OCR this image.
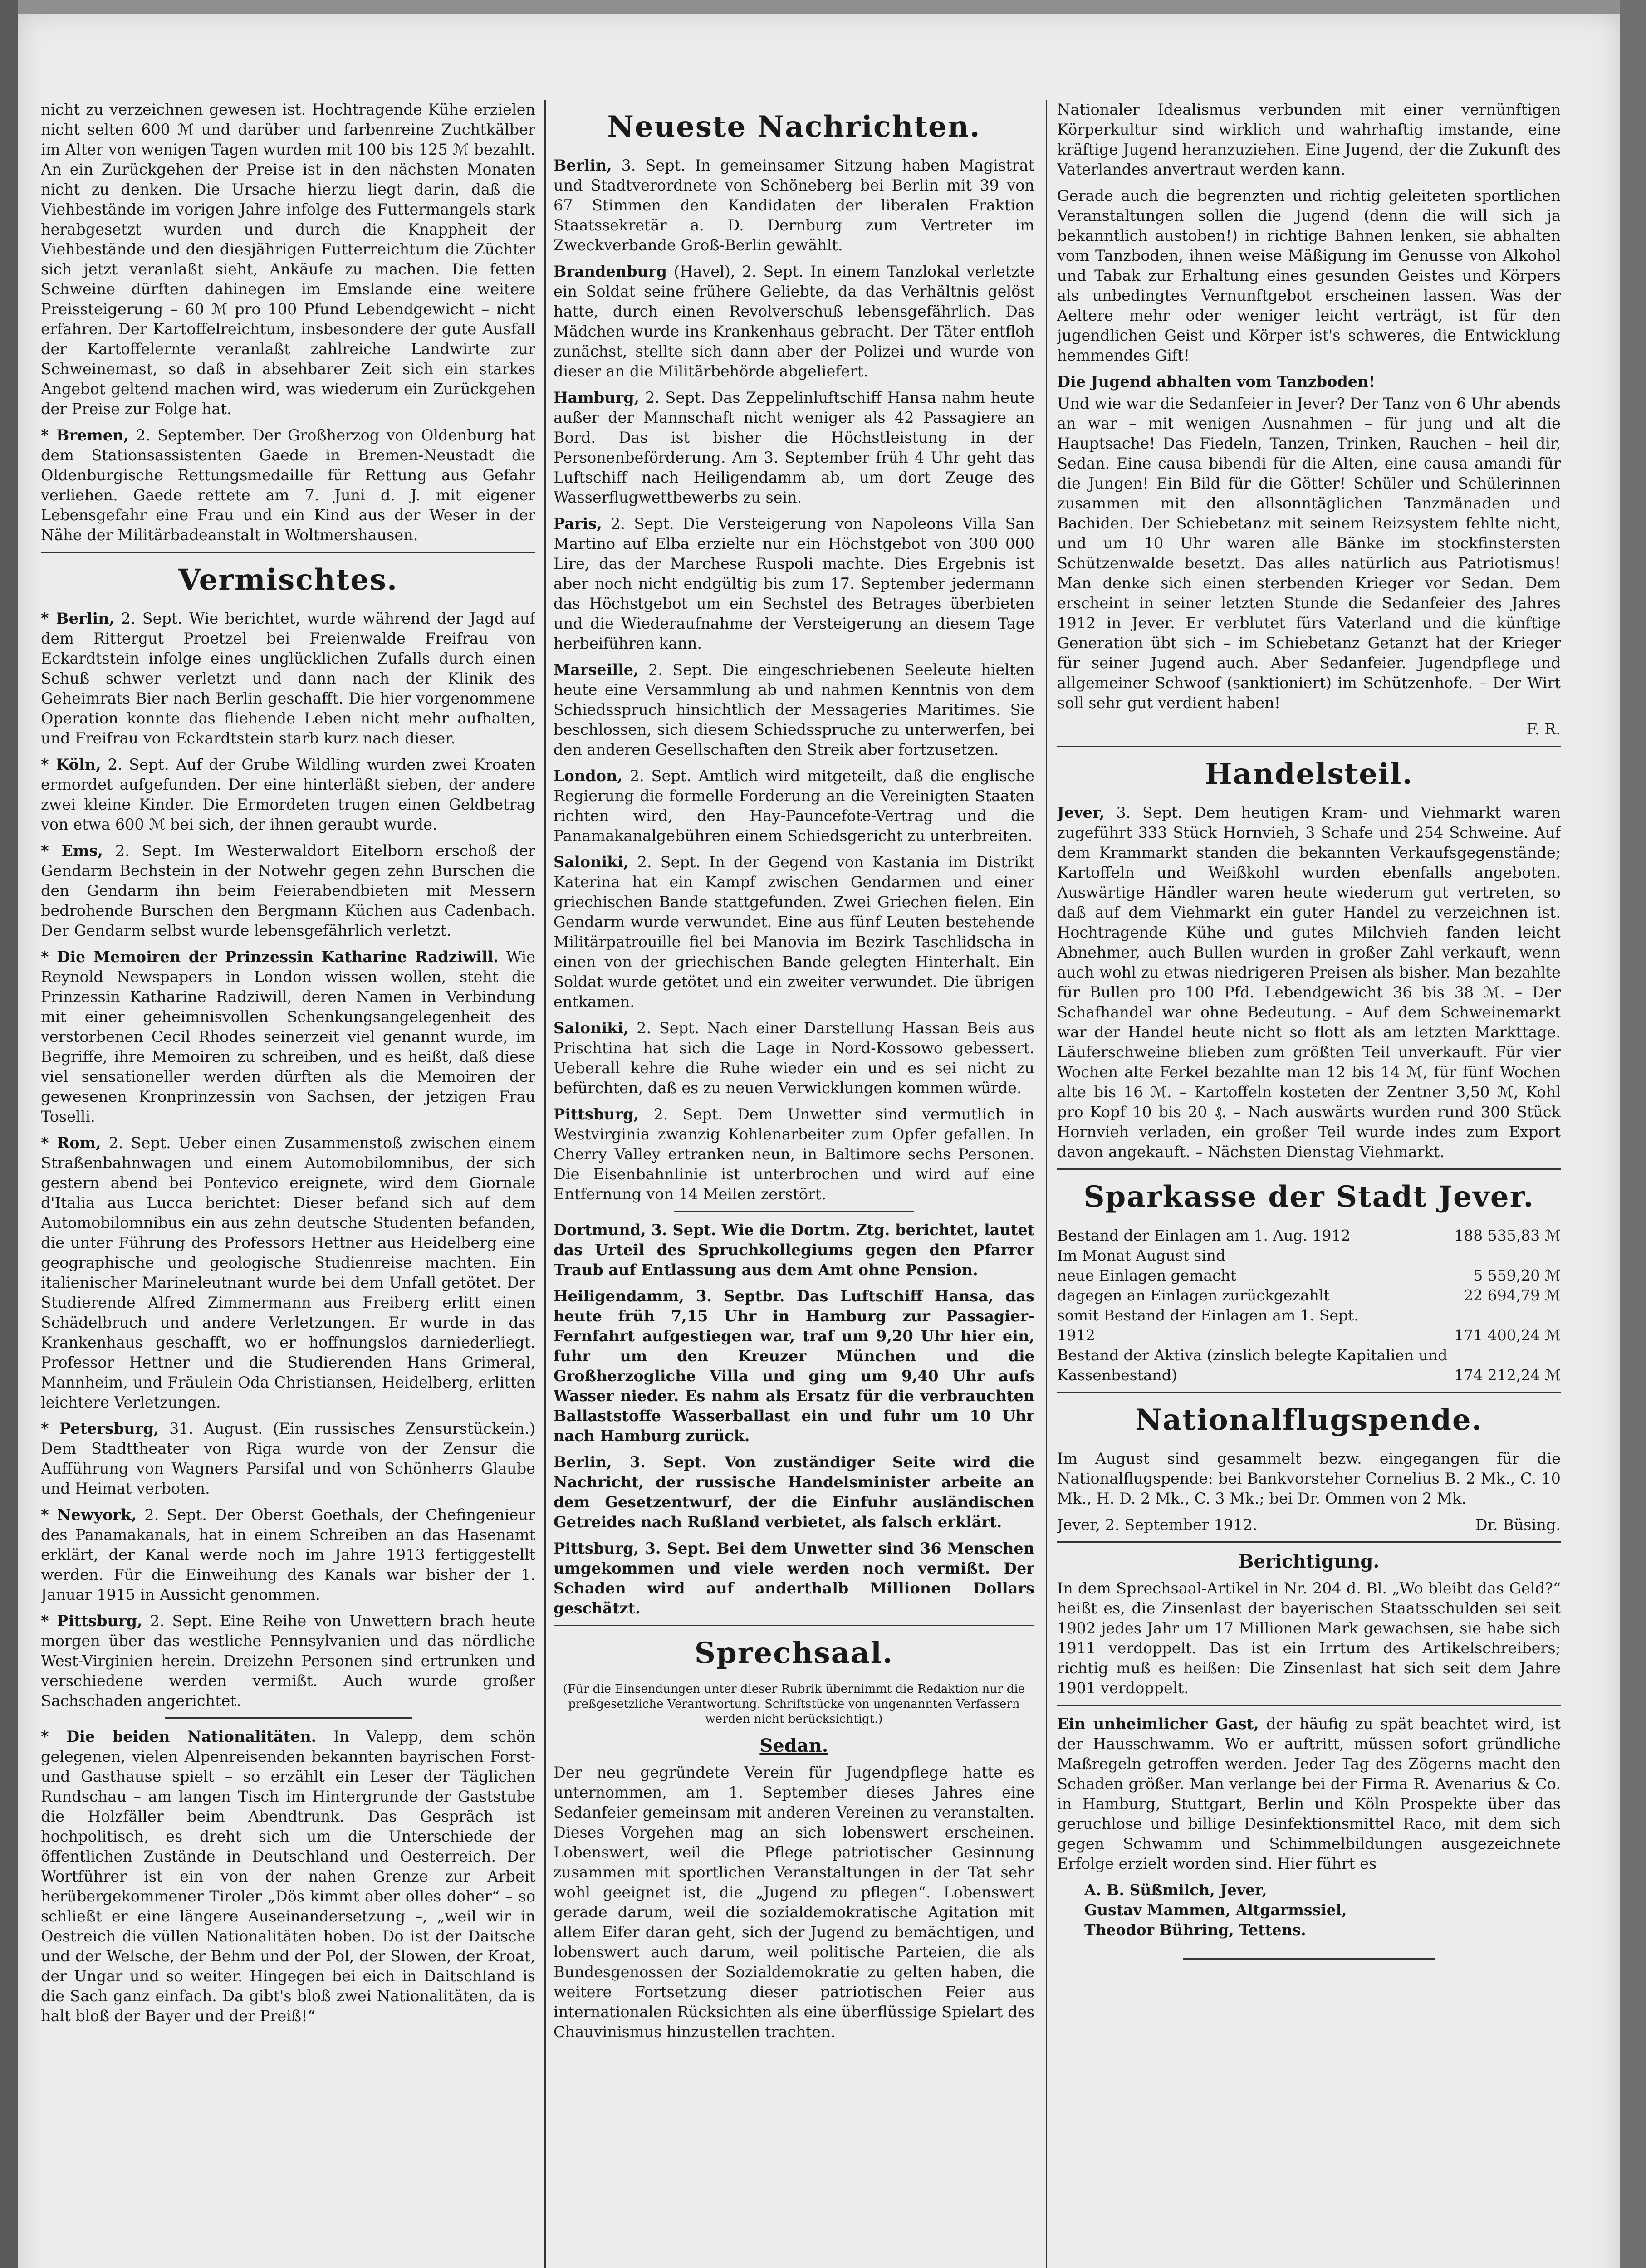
nicht zu verzeichnen gewesen ist. Hochtragende Kühe erzielen nicht selten 600 ℳ und darüber und farbenreine Zuchtkälber im Alter von wenigen Tagen wurden mit 100 bis 125 ℳ bezahlt. An ein Zurückgehen der Preise ist in den nächsten Monaten nicht zu denken. Die Ursache hierzu liegt darin, daß die Viehbestände im vorigen Jahre infolge des Futtermangels stark herabgesetzt wurden und durch die Knappheit der Viehbestände und den diesjährigen Futterreichtum die Züchter sich jetzt veranlaßt sieht, Ankäufe zu machen. Die fetten Schweine dürften dahinegen im Emslande eine weitere Preissteigerung – 60 ℳ pro 100 Pfund Lebendgewicht – nicht erfahren. Der Kartoffelreichtum, insbesondere der gute Ausfall der Kartoffelernte veranlaßt zahlreiche Landwirte zur Schweinemast, so daß in absehbarer Zeit sich ein starkes Angebot geltend machen wird, was wiederum ein Zurückgehen der Preise zur Folge hat.

* Bremen, 2. September. Der Großherzog von Oldenburg hat dem Stationsassistenten Gaede in Bremen-Neustadt die Oldenburgische Rettungsmedaille für Rettung aus Gefahr verliehen. Gaede rettete am 7. Juni d. J. mit eigener Lebensgefahr eine Frau und ein Kind aus der Weser in der Nähe der Militärbadeanstalt in Woltmershausen.

Vermischtes.

* Berlin, 2. Sept. Wie berichtet, wurde während der Jagd auf dem Rittergut Proetzel bei Freienwalde Freifrau von Eckardtstein infolge eines unglücklichen Zufalls durch einen Schuß schwer verletzt und dann nach der Klinik des Geheimrats Bier nach Berlin geschafft. Die hier vorgenommene Operation konnte das fliehende Leben nicht mehr aufhalten, und Freifrau von Eckardtstein starb kurz nach dieser.

* Köln, 2. Sept. Auf der Grube Wildling wurden zwei Kroaten ermordet aufgefunden. Der eine hinterläßt sieben, der andere zwei kleine Kinder. Die Ermordeten trugen einen Geldbetrag von etwa 600 ℳ bei sich, der ihnen geraubt wurde.

* Ems, 2. Sept. Im Westerwaldort Eitelborn erschoß der Gendarm Bechstein in der Notwehr gegen zehn Burschen die den Gendarm ihn beim Feierabendbieten mit Messern bedrohende Burschen den Bergmann Küchen aus Cadenbach. Der Gendarm selbst wurde lebensgefährlich verletzt.

* Die Memoiren der Prinzessin Katharine Radziwill. Wie Reynold Newspapers in London wissen wollen, steht die Prinzessin Katharine Radziwill, deren Namen in Verbindung mit einer geheimnisvollen Schenkungsangelegenheit des verstorbenen Cecil Rhodes seinerzeit viel genannt wurde, im Begriffe, ihre Memoiren zu schreiben, und es heißt, daß diese viel sensationeller werden dürften als die Memoiren der gewesenen Kronprinzessin von Sachsen, der jetzigen Frau Toselli.

* Rom, 2. Sept. Ueber einen Zusammenstoß zwischen einem Straßenbahnwagen und einem Automobilomnibus, der sich gestern abend bei Pontevico ereignete, wird dem Giornale d'Italia aus Lucca berichtet: Dieser befand sich auf dem Automobilomnibus ein aus zehn deutsche Studenten befanden, die unter Führung des Professors Hettner aus Heidelberg eine geographische und geologische Studienreise machten. Ein italienischer Marineleutnant wurde bei dem Unfall getötet. Der Studierende Alfred Zimmermann aus Freiberg erlitt einen Schädelbruch und andere Verletzungen. Er wurde in das Krankenhaus geschafft, wo er hoffnungslos darniederliegt. Professor Hettner und die Studierenden Hans Grimeral, Mannheim, und Fräulein Oda Christiansen, Heidelberg, erlitten leichtere Verletzungen.

* Petersburg, 31. August. (Ein russisches Zensurstückein.) Dem Stadttheater von Riga wurde von der Zensur die Aufführung von Wagners Parsifal und von Schönherrs Glaube und Heimat verboten.

* Newyork, 2. Sept. Der Oberst Goethals, der Chefingenieur des Panamakanals, hat in einem Schreiben an das Hasenamt erklärt, der Kanal werde noch im Jahre 1913 fertiggestellt werden. Für die Einweihung des Kanals war bisher der 1. Januar 1915 in Aussicht genommen.

* Pittsburg, 2. Sept. Eine Reihe von Unwettern brach heute morgen über das westliche Pennsylvanien und das nördliche West-Virginien herein. Dreizehn Personen sind ertrunken und verschiedene werden vermißt. Auch wurde großer Sachschaden angerichtet.

* Die beiden Nationalitäten. In Valepp, dem schön gelegenen, vielen Alpenreisenden bekannten bayrischen Forst- und Gasthause spielt – so erzählt ein Leser der Täglichen Rundschau – am langen Tisch im Hintergrunde der Gaststube die Holzfäller beim Abendtrunk. Das Gespräch ist hochpolitisch, es dreht sich um die Unterschiede der öffentlichen Zustände in Deutschland und Oesterreich. Der Wortführer ist ein von der nahen Grenze zur Arbeit herübergekommener Tiroler „Dös kimmt aber olles doher“ – so schließt er eine längere Auseinandersetzung –, „weil wir in Oestreich die vüllen Nationalitäten hoben. Do ist der Daitsche und der Welsche, der Behm und der Pol, der Slowen, der Kroat, der Ungar und so weiter. Hingegen bei eich in Daitschland is die Sach ganz einfach. Da gibt's bloß zwei Nationalitäten, da is halt bloß der Bayer und der Preiß!“

Neueste Nachrichten.

Berlin, 3. Sept. In gemeinsamer Sitzung haben Magistrat und Stadtverordnete von Schöneberg bei Berlin mit 39 von 67 Stimmen den Kandidaten der liberalen Fraktion Staatssekretär a. D. Dernburg zum Vertreter im Zweckverbande Groß-Berlin gewählt.

Brandenburg (Havel), 2. Sept. In einem Tanzlokal verletzte ein Soldat seine frühere Geliebte, da das Verhältnis gelöst hatte, durch einen Revolverschuß lebensgefährlich. Das Mädchen wurde ins Krankenhaus gebracht. Der Täter entfloh zunächst, stellte sich dann aber der Polizei und wurde von dieser an die Militärbehörde abgeliefert.

Hamburg, 2. Sept. Das Zeppelinluftschiff Hansa nahm heute außer der Mannschaft nicht weniger als 42 Passagiere an Bord. Das ist bisher die Höchstleistung in der Personenbeförderung. Am 3. September früh 4 Uhr geht das Luftschiff nach Heiligendamm ab, um dort Zeuge des Wasserflugwettbewerbs zu sein.

Paris, 2. Sept. Die Versteigerung von Napoleons Villa San Martino auf Elba erzielte nur ein Höchstgebot von 300 000 Lire, das der Marchese Ruspoli machte. Dies Ergebnis ist aber noch nicht endgültig bis zum 17. September jedermann das Höchstgebot um ein Sechstel des Betrages überbieten und die Wiederaufnahme der Versteigerung an diesem Tage herbeiführen kann.

Marseille, 2. Sept. Die eingeschriebenen Seeleute hielten heute eine Versammlung ab und nahmen Kenntnis von dem Schiedsspruch hinsichtlich der Messageries Maritimes. Sie beschlossen, sich diesem Schiedsspruche zu unterwerfen, bei den anderen Gesellschaften den Streik aber fortzusetzen.

London, 2. Sept. Amtlich wird mitgeteilt, daß die englische Regierung die formelle Forderung an die Vereinigten Staaten richten wird, den Hay-Pauncefote-Vertrag und die Panamakanalgebühren einem Schiedsgericht zu unterbreiten.

Saloniki, 2. Sept. In der Gegend von Kastania im Distrikt Katerina hat ein Kampf zwischen Gendarmen und einer griechischen Bande stattgefunden. Zwei Griechen fielen. Ein Gendarm wurde verwundet. Eine aus fünf Leuten bestehende Militärpatrouille fiel bei Manovia im Bezirk Taschlidscha in einen von der griechischen Bande gelegten Hinterhalt. Ein Soldat wurde getötet und ein zweiter verwundet. Die übrigen entkamen.

Saloniki, 2. Sept. Nach einer Darstellung Hassan Beis aus Prischtina hat sich die Lage in Nord-Kossowo gebessert. Ueberall kehre die Ruhe wieder ein und es sei nicht zu befürchten, daß es zu neuen Verwicklungen kommen würde.

Pittsburg, 2. Sept. Dem Unwetter sind vermutlich in Westvirginia zwanzig Kohlenarbeiter zum Opfer gefallen. In Cherry Valley ertranken neun, in Baltimore sechs Personen. Die Eisenbahnlinie ist unterbrochen und wird auf eine Entfernung von 14 Meilen zerstört.

Dortmund, 3. Sept. Wie die Dortm. Ztg. berichtet, lautet das Urteil des Spruchkollegiums gegen den Pfarrer Traub auf Entlassung aus dem Amt ohne Pension.

Heiligendamm, 3. Septbr. Das Luftschiff Hansa, das heute früh 7,15 Uhr in Hamburg zur Passagier-Fernfahrt aufgestiegen war, traf um 9,20 Uhr hier ein, fuhr um den Kreuzer München und die Großherzogliche Villa und ging um 9,40 Uhr aufs Wasser nieder. Es nahm als Ersatz für die verbrauchten Ballaststoffe Wasserballast ein und fuhr um 10 Uhr nach Hamburg zurück.

Berlin, 3. Sept. Von zuständiger Seite wird die Nachricht, der russische Handelsminister arbeite an dem Gesetzentwurf, der die Einfuhr ausländischen Getreides nach Rußland verbietet, als falsch erklärt.

Pittsburg, 3. Sept. Bei dem Unwetter sind 36 Menschen umgekommen und viele werden noch vermißt. Der Schaden wird auf anderthalb Millionen Dollars geschätzt.

Sprechsaal.
(Für die Einsendungen unter dieser Rubrik übernimmt die Redaktion nur die preßgesetzliche Verantwortung. Schriftstücke von ungenannten Verfassern werden nicht berücksichtigt.)
Sedan.

Der neu gegründete Verein für Jugendpflege hatte es unternommen, am 1. September dieses Jahres eine Sedanfeier gemeinsam mit anderen Vereinen zu veranstalten. Dieses Vorgehen mag an sich lobenswert erscheinen. Lobenswert, weil die Pflege patriotischer Gesinnung zusammen mit sportlichen Veranstaltungen in der Tat sehr wohl geeignet ist, die „Jugend zu pflegen“. Lobenswert gerade darum, weil die sozialdemokratische Agitation mit allem Eifer daran geht, sich der Jugend zu bemächtigen, und lobenswert auch darum, weil politische Parteien, die als Bundesgenossen der Sozialdemokratie zu gelten haben, die weitere Fortsetzung dieser patriotischen Feier aus internationalen Rücksichten als eine überflüssige Spielart des Chauvinismus hinzustellen trachten.

Nationaler Idealismus verbunden mit einer vernünftigen Körperkultur sind wirklich und wahrhaftig imstande, eine kräftige Jugend heranzuziehen. Eine Jugend, der die Zukunft des Vaterlandes anvertraut werden kann.

Gerade auch die begrenzten und richtig geleiteten sportlichen Veranstaltungen sollen die Jugend (denn die will sich ja bekanntlich austoben!) in richtige Bahnen lenken, sie abhalten vom Tanzboden, ihnen weise Mäßigung im Genusse von Alkohol und Tabak zur Erhaltung eines gesunden Geistes und Körpers als unbedingtes Vernunftgebot erscheinen lassen. Was der Aeltere mehr oder weniger leicht verträgt, ist für den jugendlichen Geist und Körper ist's schweres, die Entwicklung hemmendes Gift!

Die Jugend abhalten vom Tanzboden!

Und wie war die Sedanfeier in Jever? Der Tanz von 6 Uhr abends an war – mit wenigen Ausnahmen – für jung und alt die Hauptsache! Das Fiedeln, Tanzen, Trinken, Rauchen – heil dir, Sedan. Eine causa bibendi für die Alten, eine causa amandi für die Jungen! Ein Bild für die Götter! Schüler und Schülerinnen zusammen mit den allsonntäglichen Tanzmänaden und Bachiden. Der Schiebetanz mit seinem Reizsystem fehlte nicht, und um 10 Uhr waren alle Bänke im stockfinstersten Schützenwalde besetzt. Das alles natürlich aus Patriotismus! Man denke sich einen sterbenden Krieger vor Sedan. Dem erscheint in seiner letzten Stunde die Sedanfeier des Jahres 1912 in Jever. Er verblutet fürs Vaterland und die künftige Generation übt sich – im Schiebetanz Getanzt hat der Krieger für seiner Jugend auch. Aber Sedanfeier. Jugendpflege und allgemeiner Schwoof (sanktioniert) im Schützenhofe. – Der Wirt soll sehr gut verdient haben!

F. R.

Handelsteil.

Jever, 3. Sept. Dem heutigen Kram- und Viehmarkt waren zugeführt 333 Stück Hornvieh, 3 Schafe und 254 Schweine. Auf dem Krammarkt standen die bekannten Verkaufsgegenstände; Kartoffeln und Weißkohl wurden ebenfalls angeboten. Auswärtige Händler waren heute wiederum gut vertreten, so daß auf dem Viehmarkt ein guter Handel zu verzeichnen ist. Hochtragende Kühe und gutes Milchvieh fanden leicht Abnehmer, auch Bullen wurden in großer Zahl verkauft, wenn auch wohl zu etwas niedrigeren Preisen als bisher. Man bezahlte für Bullen pro 100 Pfd. Lebendgewicht 36 bis 38 ℳ. – Der Schafhandel war ohne Bedeutung. – Auf dem Schweinemarkt war der Handel heute nicht so flott als am letzten Markttage. Läuferschweine blieben zum größten Teil unverkauft. Für vier Wochen alte Ferkel bezahlte man 12 bis 14 ℳ, für fünf Wochen alte bis 16 ℳ. – Kartoffeln kosteten der Zentner 3,50 ℳ, Kohl pro Kopf 10 bis 20 ₰. – Nach auswärts wurden rund 300 Stück Hornvieh verladen, ein großer Teil wurde indes zum Export davon angekauft. – Nächsten Dienstag Viehmarkt.

Sparkasse der Stadt Jever.
Bestand der Einlagen am 1. Aug. 1912	188 535,83 ℳ
Im Monat August sind	
neue Einlagen gemacht	5 559,20 ℳ
dagegen an Einlagen zurückgezahlt	22 694,79 ℳ
somit Bestand der Einlagen am 1. Sept.	
1912	171 400,24 ℳ
Bestand der Aktiva (zinslich belegte Kapitalien und Kassenbestand)	174 212,24 ℳ
Nationalflugspende.

Im August sind gesammelt bezw. eingegangen für die Nationalflugspende: bei Bankvorsteher Cornelius B. 2 Mk., C. 10 Mk., H. D. 2 Mk., C. 3 Mk.; bei Dr. Ommen von 2 Mk.

Jever, 2. September 1912.	Dr. Büsing.

Berichtigung.

In dem Sprechsaal-Artikel in Nr. 204 d. Bl. „Wo bleibt das Geld?“ heißt es, die Zinsenlast der bayerischen Staatsschulden sei seit 1902 jedes Jahr um 17 Millionen Mark gewachsen, sie habe sich 1911 verdoppelt. Das ist ein Irrtum des Artikelschreibers; richtig muß es heißen: Die Zinsenlast hat sich seit dem Jahre 1901 verdoppelt.

Ein unheimlicher Gast, der häufig zu spät beachtet wird, ist der Hausschwamm. Wo er auftritt, müssen sofort gründliche Maßregeln getroffen werden. Jeder Tag des Zögerns macht den Schaden größer. Man verlange bei der Firma R. Avenarius & Co. in Hamburg, Stuttgart, Berlin und Köln Prospekte über das geruchlose und billige Desinfektionsmittel Raco, mit dem sich gegen Schwamm und Schimmelbildungen ausgezeichnete Erfolge erzielt worden sind. Hier führt es

A. B. Süßmilch, Jever,
Gustav Mammen, Altgarmssiel,
Theodor Bühring, Tettens.
